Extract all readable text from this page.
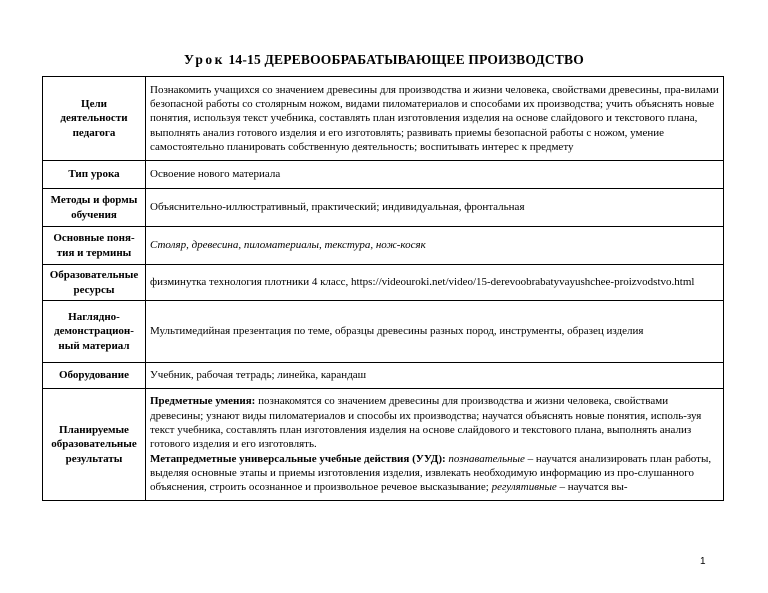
Урок 14-15 ДЕРЕВООБРАБАТЫВАЮЩЕЕ ПРОИЗВОДСТВО
Цели деятельности педагога	Познакомить учащихся со значением древесины для производства и жизни человека, свойствами древесины, пра-вилами безопасной работы со столярным ножом, видами пиломатериалов и способами их производства; учить объяснять новые понятия, используя текст учебника, составлять план изготовления изделия на основе слайдового и текстового плана, выполнять анализ готового изделия и его изготовлять; развивать приемы безопасной работы с ножом, умение самостоятельно планировать собственную деятельность; воспитывать интерес к предмету
Тип урока	Освоение нового материала
Методы и формы обучения	Объяснительно-иллюстративный, практический; индивидуальная, фронтальная
Основные поня-тия и термины	Столяр, древесина, пиломатериалы, текстура, нож-косяк
Образовательные ресурсы	физминутка технология плотники 4 класс, https://videouroki.net/video/15-derevoobrabatyvayushchee-proizvodstvo.html
Наглядно-демонстрацион-ный материал	Мультимедийная презентация по теме, образцы древесины разных пород, инструменты, образец изделия
Оборудование	Учебник, рабочая тетрадь; линейка, карандаш
Планируемые образовательные результаты	Предметные умения: познакомятся со значением древесины для производства и жизни человека, свойствами древесины; узнают виды пиломатериалов и способы их производства; научатся объяснять новые понятия, исполь-зуя текст учебника, составлять план изготовления изделия на основе слайдового и текстового плана, выполнять анализ готового изделия и его изготовлять.
Метапредметные универсальные учебные действия (УУД): познавательные – научатся анализировать план работы, выделяя основные этапы и приемы изготовления изделия, извлекать необходимую информацию из про-слушанного объяснения, строить осознанное и произвольное речевое высказывание; регулятивные – научатся вы-
1
